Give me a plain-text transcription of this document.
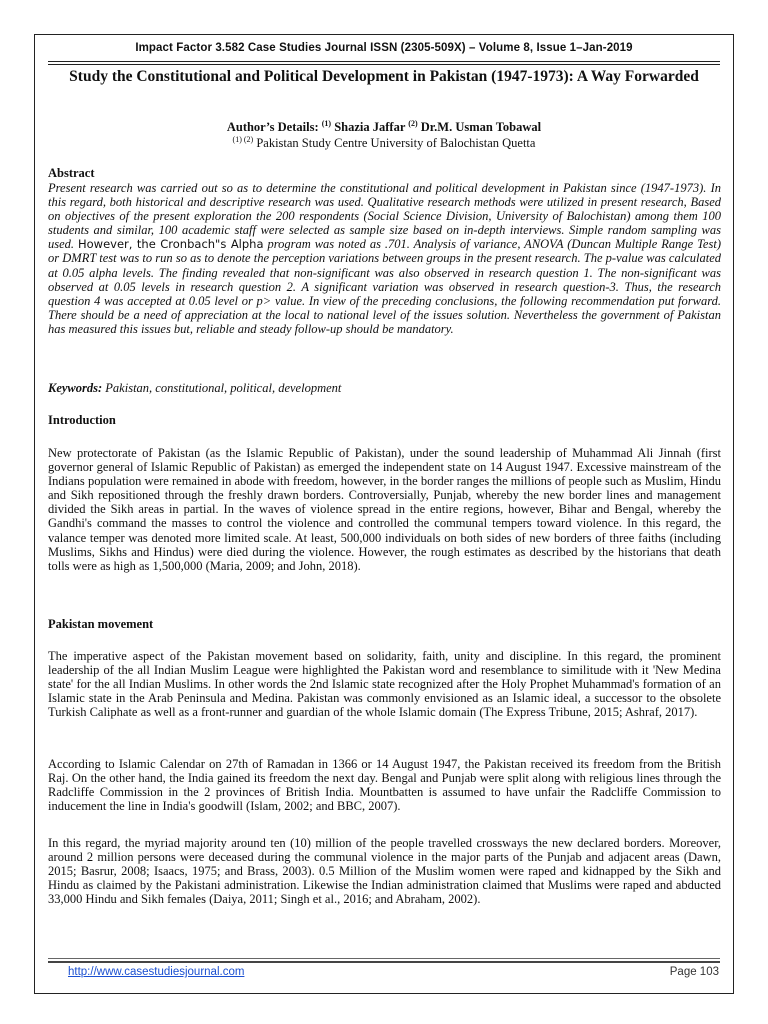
Impact Factor 3.582 Case Studies Journal ISSN (2305-509X) – Volume 8, Issue 1–Jan-2019
Study the Constitutional and Political Development in Pakistan (1947-1973): A Way Forwarded
Author’s Details: $^{(1)}$ Shazia Jaffar $^{(2)}$ Dr.M. Usman Tobawal
$^{(1) (2)}$ Pakistan Study Centre University of Balochistan Quetta
Abstract
Present research was carried out so as to determine the constitutional and political development in Pakistan since (1947-1973). In this regard, both historical and descriptive research was used. Qualitative research methods were utilized in present research, Based on objectives of the present exploration the 200 respondents (Social Science Division, University of Balochistan) among them 100 students and similar, 100 academic staff were selected as sample size based on in-depth interviews. Simple random sampling was used. However, the Cronbach"s Alpha program was noted as .701. Analysis of variance, ANOVA (Duncan Multiple Range Test) or DMRT test was to run so as to denote the perception variations between groups in the present research. The p-value was calculated at 0.05 alpha levels. The finding revealed that non-significant was also observed in research question 1. The non-significant was observed at 0.05 levels in research question 2. A significant variation was observed in research question-3. Thus, the research question 4 was accepted at 0.05 level or p> value. In view of the preceding conclusions, the following recommendation put forward. There should be a need of appreciation at the local to national level of the issues solution. Nevertheless the government of Pakistan has measured this issues but, reliable and steady follow-up should be mandatory.
Keywords: Pakistan, constitutional, political, development
Introduction
New protectorate of Pakistan (as the Islamic Republic of Pakistan), under the sound leadership of Muhammad Ali Jinnah (first governor general of Islamic Republic of Pakistan) as emerged the independent state on 14 August 1947. Excessive mainstream of the Indians population were remained in abode with freedom, however, in the border ranges the millions of people such as Muslim, Hindu and Sikh repositioned through the freshly drawn borders. Controversially, Punjab, whereby the new border lines and management divided the Sikh areas in partial. In the waves of violence spread in the entire regions, however, Bihar and Bengal, whereby the Gandhi's command the masses to control the violence and controlled the communal tempers toward violence. In this regard, the valance temper was denoted more limited scale. At least, 500,000 individuals on both sides of new borders of three faiths (including Muslims, Sikhs and Hindus) were died during the violence. However, the rough estimates as described by the historians that death tolls were as high as 1,500,000 (Maria, 2009; and John, 2018).
Pakistan movement
The imperative aspect of the Pakistan movement based on solidarity, faith, unity and discipline. In this regard, the prominent leadership of the all Indian Muslim League were highlighted the Pakistan word and resemblance to similitude with it 'New Medina state' for the all Indian Muslims. In other words the 2nd Islamic state recognized after the Holy Prophet Muhammad's formation of an Islamic state in the Arab Peninsula and Medina. Pakistan was commonly envisioned as an Islamic ideal, a successor to the obsolete Turkish Caliphate as well as a front-runner and guardian of the whole Islamic domain (The Express Tribune, 2015; Ashraf, 2017).
According to Islamic Calendar on 27th of Ramadan in 1366 or 14 August 1947, the Pakistan received its freedom from the British Raj. On the other hand, the India gained its freedom the next day. Bengal and Punjab were split along with religious lines through the Radcliffe Commission in the 2 provinces of British India. Mountbatten is assumed to have unfair the Radcliffe Commission to inducement the line in India's goodwill (Islam, 2002; and BBC, 2007).
In this regard, the myriad majority around ten (10) million of the people travelled crossways the new declared borders. Moreover, around 2 million persons were deceased during the communal violence in the major parts of the Punjab and adjacent areas (Dawn, 2015; Basrur, 2008; Isaacs, 1975; and Brass, 2003). 0.5 Million of the Muslim women were raped and kidnapped by the Sikh and Hindu as claimed by the Pakistani administration. Likewise the Indian administration claimed that Muslims were raped and abducted 33,000 Hindu and Sikh females (Daiya, 2011; Singh et al., 2016; and Abraham, 2002).
http://www.casestudiesjournal.com	Page 103
